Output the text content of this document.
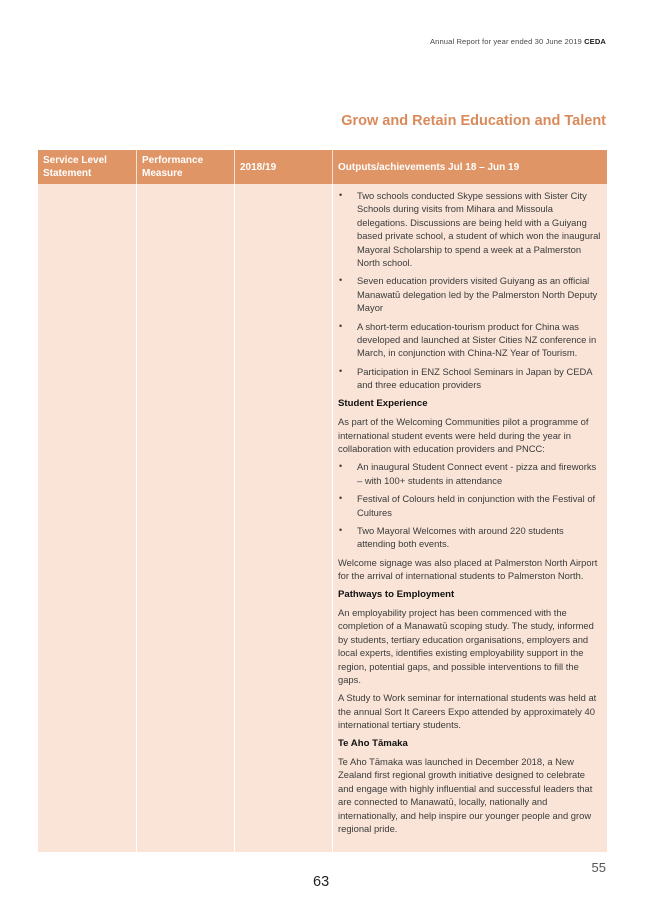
Annual Report for year ended 30 June 2019 CEDA
Grow and Retain Education and Talent
Service Level Statement
Performance Measure
2018/19	Outputs/achievements Jul 18 – Jun 19
• Two schools conducted Skype sessions with Sister City Schools during visits from Mihara and Missoula delegations. Discussions are being held with a Guiyang based private school, a student of which won the inaugural Mayoral Scholarship to spend a week at a Palmerston North school.
• Seven education providers visited Guiyang as an official Manawatū delegation led by the Palmerston North Deputy Mayor
• A short-term education-tourism product for China was developed and launched at Sister Cities NZ conference in March, in conjunction with China-NZ Year of Tourism.
• Participation in ENZ School Seminars in Japan by CEDA and three education providers
Student Experience

As part of the Welcoming Communities pilot a programme of international student events were held during the year in collaboration with education providers and PNCC:

• An inaugural Student Connect event - pizza and fireworks – with 100+ students in attendance
• Festival of Colours held in conjunction with the Festival of Cultures
• Two Mayoral Welcomes with around 220 students attending both events.

Welcome signage was also placed at Palmerston North Airport for the arrival of international students to Palmerston North.

Pathways to Employment

An employability project has been commenced with the completion of a Manawatū scoping study. The study, informed by students, tertiary education organisations, employers and local experts, identifies existing employability support in the region, potential gaps, and possible interventions to fill the gaps.

A Study to Work seminar for international students was held at the annual Sort It Careers Expo attended by approximately 40 international tertiary students.

Te Aho Tāmaka

Te Aho Tāmaka was launched in December 2018, a New Zealand first regional growth initiative designed to celebrate and engage with highly influential and successful leaders that are connected to Manawatū, locally, nationally and internationally, and help inspire our younger people and grow regional pride.

55
63
